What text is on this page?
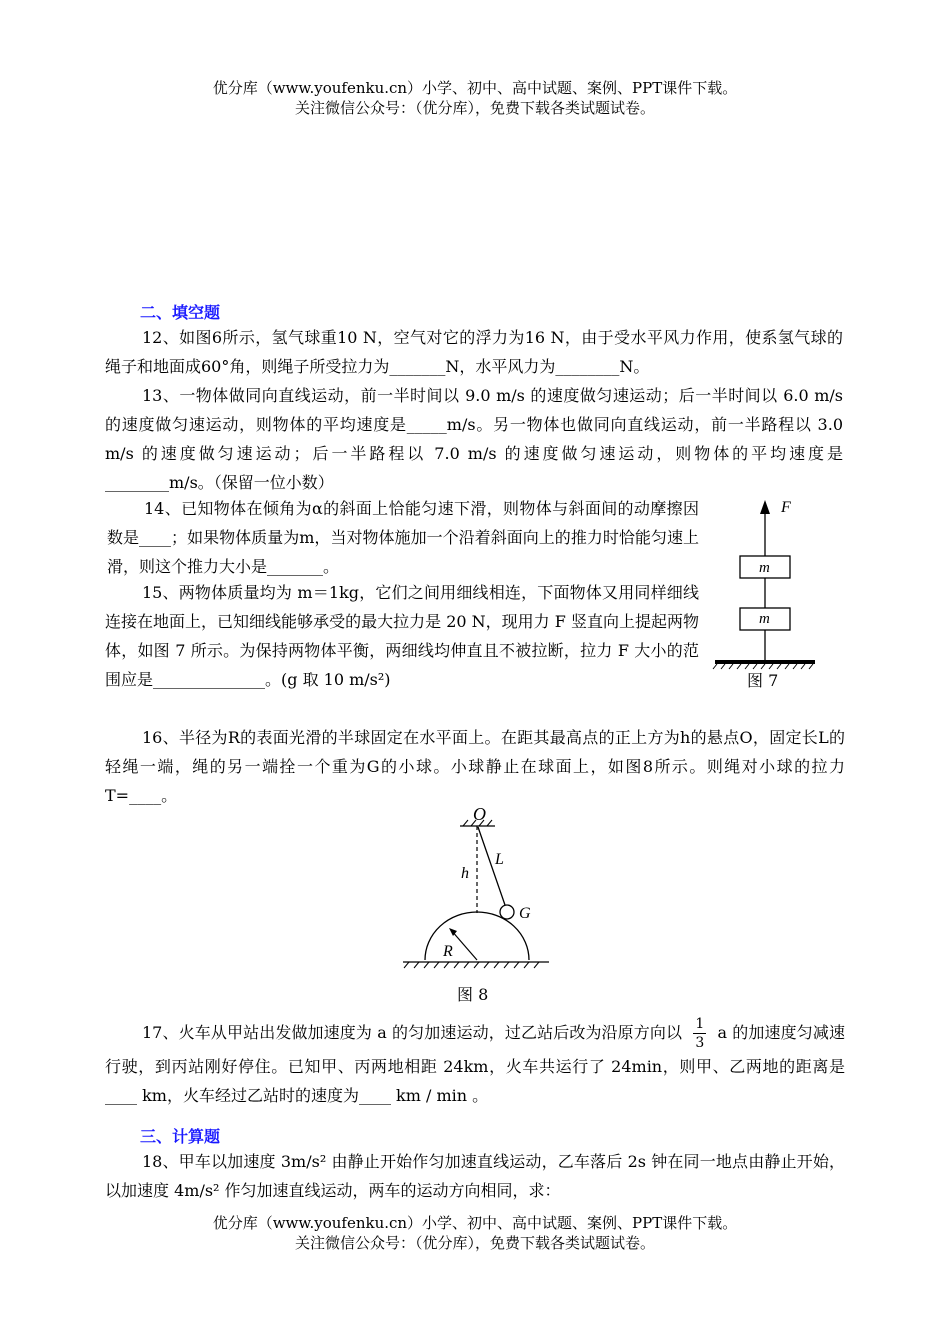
优分库（www.youfenku.cn）小学、初中、高中试题、案例、PPT课件下载。
关注微信公众号：（优分库），免费下载各类试题试卷。
二、填空题
12、如图6所示，氢气球重10 N，空气对它的浮力为16 N，由于受水平风力作用，使系氢气球的绳子和地面成60°角，则绳子所受拉力为_______N，水平风力为________N。
13、一物体做同向直线运动，前一半时间以 9.0 m/s 的速度做匀速运动；后一半时间以 6.0 m/s 的速度做匀速运动，则物体的平均速度是_____m/s。另一物体也做同向直线运动，前一半路程以 3.0 m/s 的速度做匀速运动；后一半路程以 7.0 m/s 的速度做匀速运动，则物体的平均速度是________m/s。（保留一位小数）
14、已知物体在倾角为α的斜面上恰能匀速下滑，则物体与斜面间的动摩擦因数是____；如果物体质量为m，当对物体施加一个沿着斜面向上的推力时恰能匀速上滑，则这个推力大小是_______。
15、两物体质量均为 m＝1kg，它们之间用细线相连，下面物体又用同样细线连接在地面上，已知细线能够承受的最大拉力是 20 N，现用力 F 竖直向上提起两物体，如图 7 所示。为保持两物体平衡，两细线均伸直且不被拉断，拉力 F 大小的范围应是______________。(g 取 10 m/s²)
F
m
m
图 7
16、半径为R的表面光滑的半球固定在水平面上。在距其最高点的正上方为h的悬点O，固定长L的轻绳一端，绳的另一端拴一个重为G的小球。小球静止在球面上，如图8所示。则绳对小球的拉力T=____。
O
h
L
G
R
图 8
17、火车从甲站出发做加速度为 a 的匀加速运动，过乙站后改为沿原方向以 $\frac{1}{3}$ a 的加速度匀减速行驶，到丙站刚好停住。已知甲、丙两地相距 24km，火车共运行了 24min，则甲、乙两地的距离是____ km，火车经过乙站时的速度为____ km / min 。
三、计算题
18、甲车以加速度 3m/s² 由静止开始作匀加速直线运动，乙车落后 2s 钟在同一地点由静止开始，以加速度 4m/s² 作匀加速直线运动，两车的运动方向相同，求：
优分库（www.youfenku.cn）小学、初中、高中试题、案例、PPT课件下载。
关注微信公众号：（优分库），免费下载各类试题试卷。
